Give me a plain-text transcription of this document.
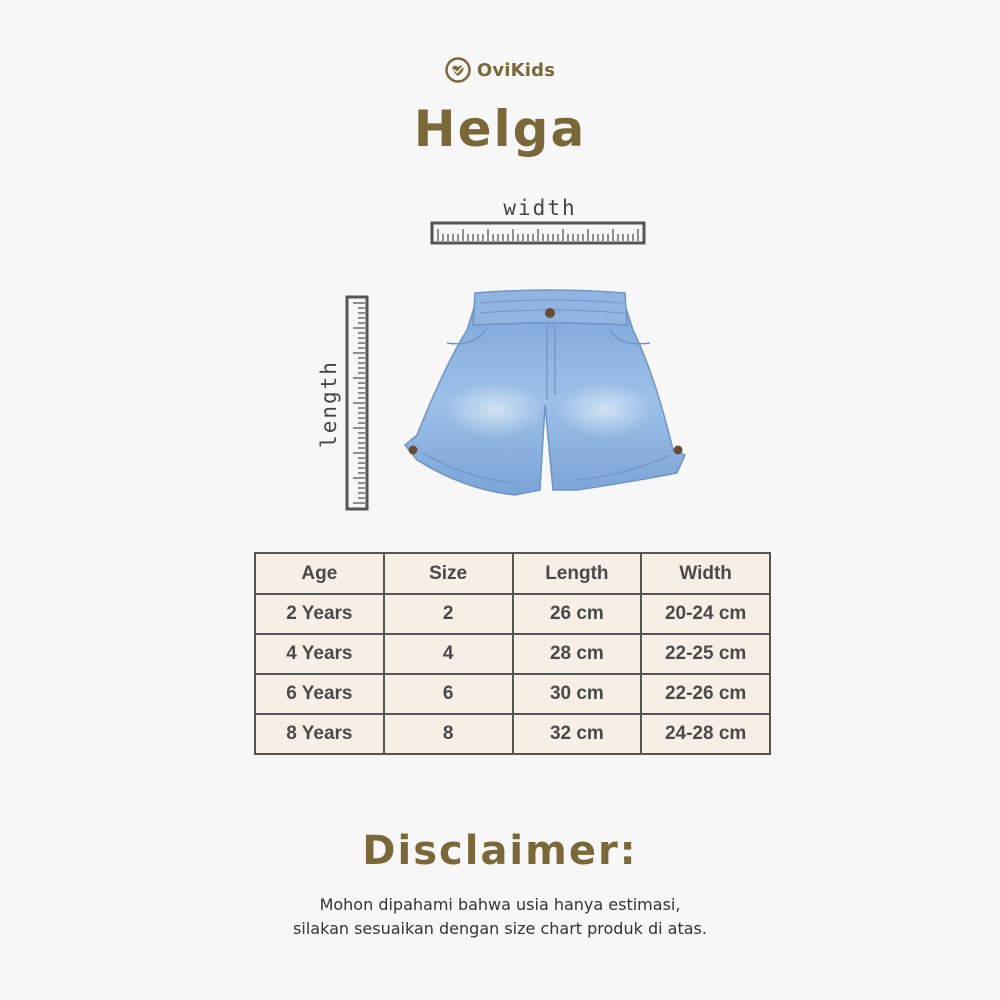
OviKids
Helga
width
length
Age	Size	Length	Width
2 Years	2	26 cm	20-24 cm
4 Years	4	28 cm	22-25 cm
6 Years	6	30 cm	22-26 cm
8 Years	8	32 cm	24-28 cm
Disclaimer:
Mohon dipahami bahwa usia hanya estimasi,
silakan sesuaikan dengan size chart produk di atas.
